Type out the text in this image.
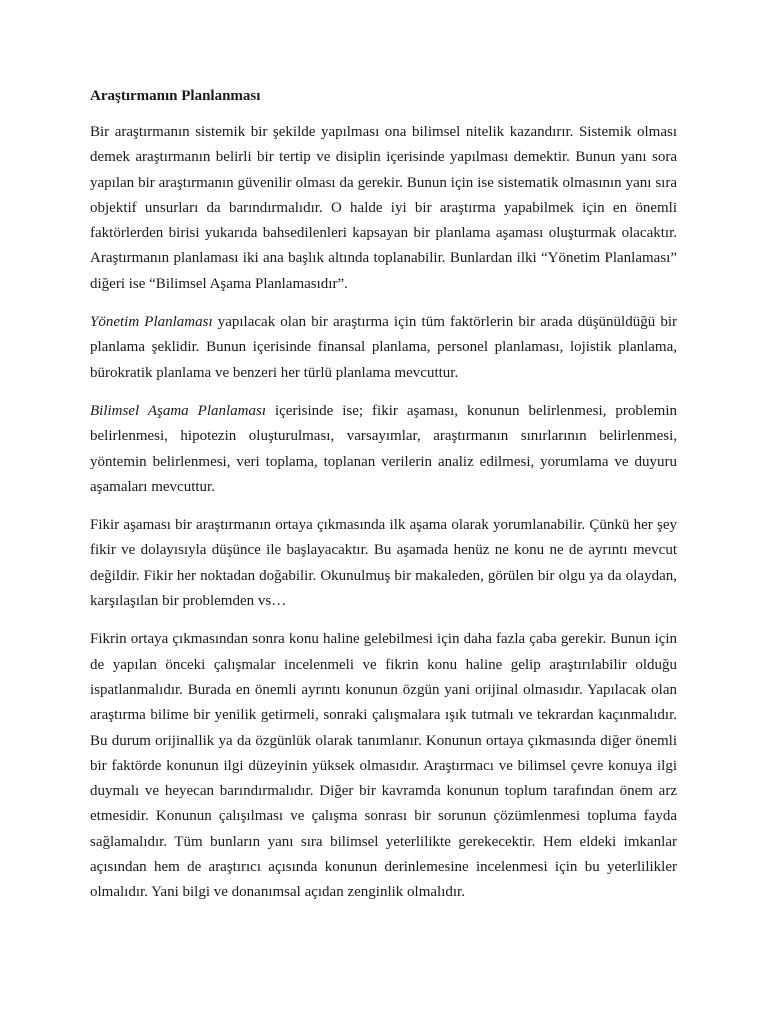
Araştırmanın Planlanması

Bir araştırmanın sistemik bir şekilde yapılması ona bilimsel nitelik kazandırır. Sistemik olması demek araştırmanın belirli bir tertip ve disiplin içerisinde yapılması demektir. Bunun yanı sora yapılan bir araştırmanın güvenilir olması da gerekir. Bunun için ise sistematik olmasının yanı sıra objektif unsurları da barındırmalıdır. O halde iyi bir araştırma yapabilmek için en önemli faktörlerden birisi yukarıda bahsedilenleri kapsayan bir planlama aşaması oluşturmak olacaktır. Araştırmanın planlaması iki ana başlık altında toplanabilir. Bunlardan ilki “Yönetim Planlaması” diğeri ise “Bilimsel Aşama Planlamasıdır”.

Yönetim Planlaması yapılacak olan bir araştırma için tüm faktörlerin bir arada düşünüldüğü bir planlama şeklidir. Bunun içerisinde finansal planlama, personel planlaması, lojistik planlama, bürokratik planlama ve benzeri her türlü planlama mevcuttur.

Bilimsel Aşama Planlaması içerisinde ise; fikir aşaması, konunun belirlenmesi, problemin belirlenmesi, hipotezin oluşturulması, varsayımlar, araştırmanın sınırlarının belirlenmesi, yöntemin belirlenmesi, veri toplama, toplanan verilerin analiz edilmesi, yorumlama ve duyuru aşamaları mevcuttur.

Fikir aşaması bir araştırmanın ortaya çıkmasında ilk aşama olarak yorumlanabilir. Çünkü her şey fikir ve dolayısıyla düşünce ile başlayacaktır. Bu aşamada henüz ne konu ne de ayrıntı mevcut değildir. Fikir her noktadan doğabilir. Okunulmuş bir makaleden, görülen bir olgu ya da olaydan, karşılaşılan bir problemden vs…

Fikrin ortaya çıkmasından sonra konu haline gelebilmesi için daha fazla çaba gerekir. Bunun için de yapılan önceki çalışmalar incelenmeli ve fikrin konu haline gelip araştırılabilir olduğu ispatlanmalıdır. Burada en önemli ayrıntı konunun özgün yani orijinal olmasıdır. Yapılacak olan araştırma bilime bir yenilik getirmeli, sonraki çalışmalara ışık tutmalı ve tekrardan kaçınmalıdır. Bu durum orijinallik ya da özgünlük olarak tanımlanır. Konunun ortaya çıkmasında diğer önemli bir faktörde konunun ilgi düzeyinin yüksek olmasıdır. Araştırmacı ve bilimsel çevre konuya ilgi duymalı ve heyecan barındırmalıdır. Diğer bir kavramda konunun toplum tarafından önem arz etmesidir. Konunun çalışılması ve çalışma sonrası bir sorunun çözümlenmesi topluma fayda sağlamalıdır. Tüm bunların yanı sıra bilimsel yeterlilikte gerekecektir. Hem eldeki imkanlar açısından hem de araştırıcı açısında konunun derinlemesine incelenmesi için bu yeterlilikler olmalıdır. Yani bilgi ve donanımsal açıdan zenginlik olmalıdır.
